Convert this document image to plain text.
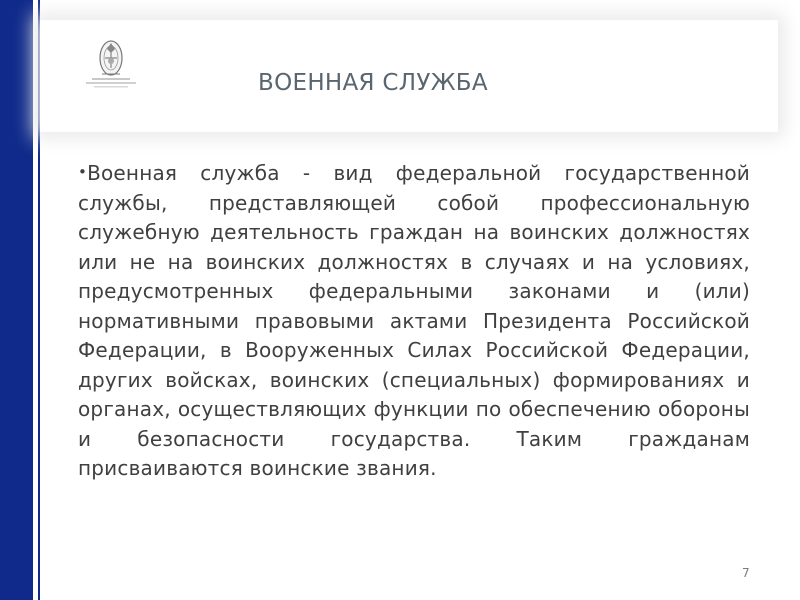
ВОЕННАЯ СЛУЖБА
•Военная служба - вид федеральной государственной службы, представляющей собой профессиональную служебную деятельность граждан на воинских должностях или не на воинских должностях в случаях и на условиях, предусмотренных федеральными законами и (или) нормативными правовыми актами Президента Российской Федерации, в Вооруженных Силах Российской Федерации, других войсках, воинских (специальных) формированиях и органах, осуществляющих функции по обеспечению обороны и безопасности государства. Таким гражданам присваиваются воинские звания.
7
